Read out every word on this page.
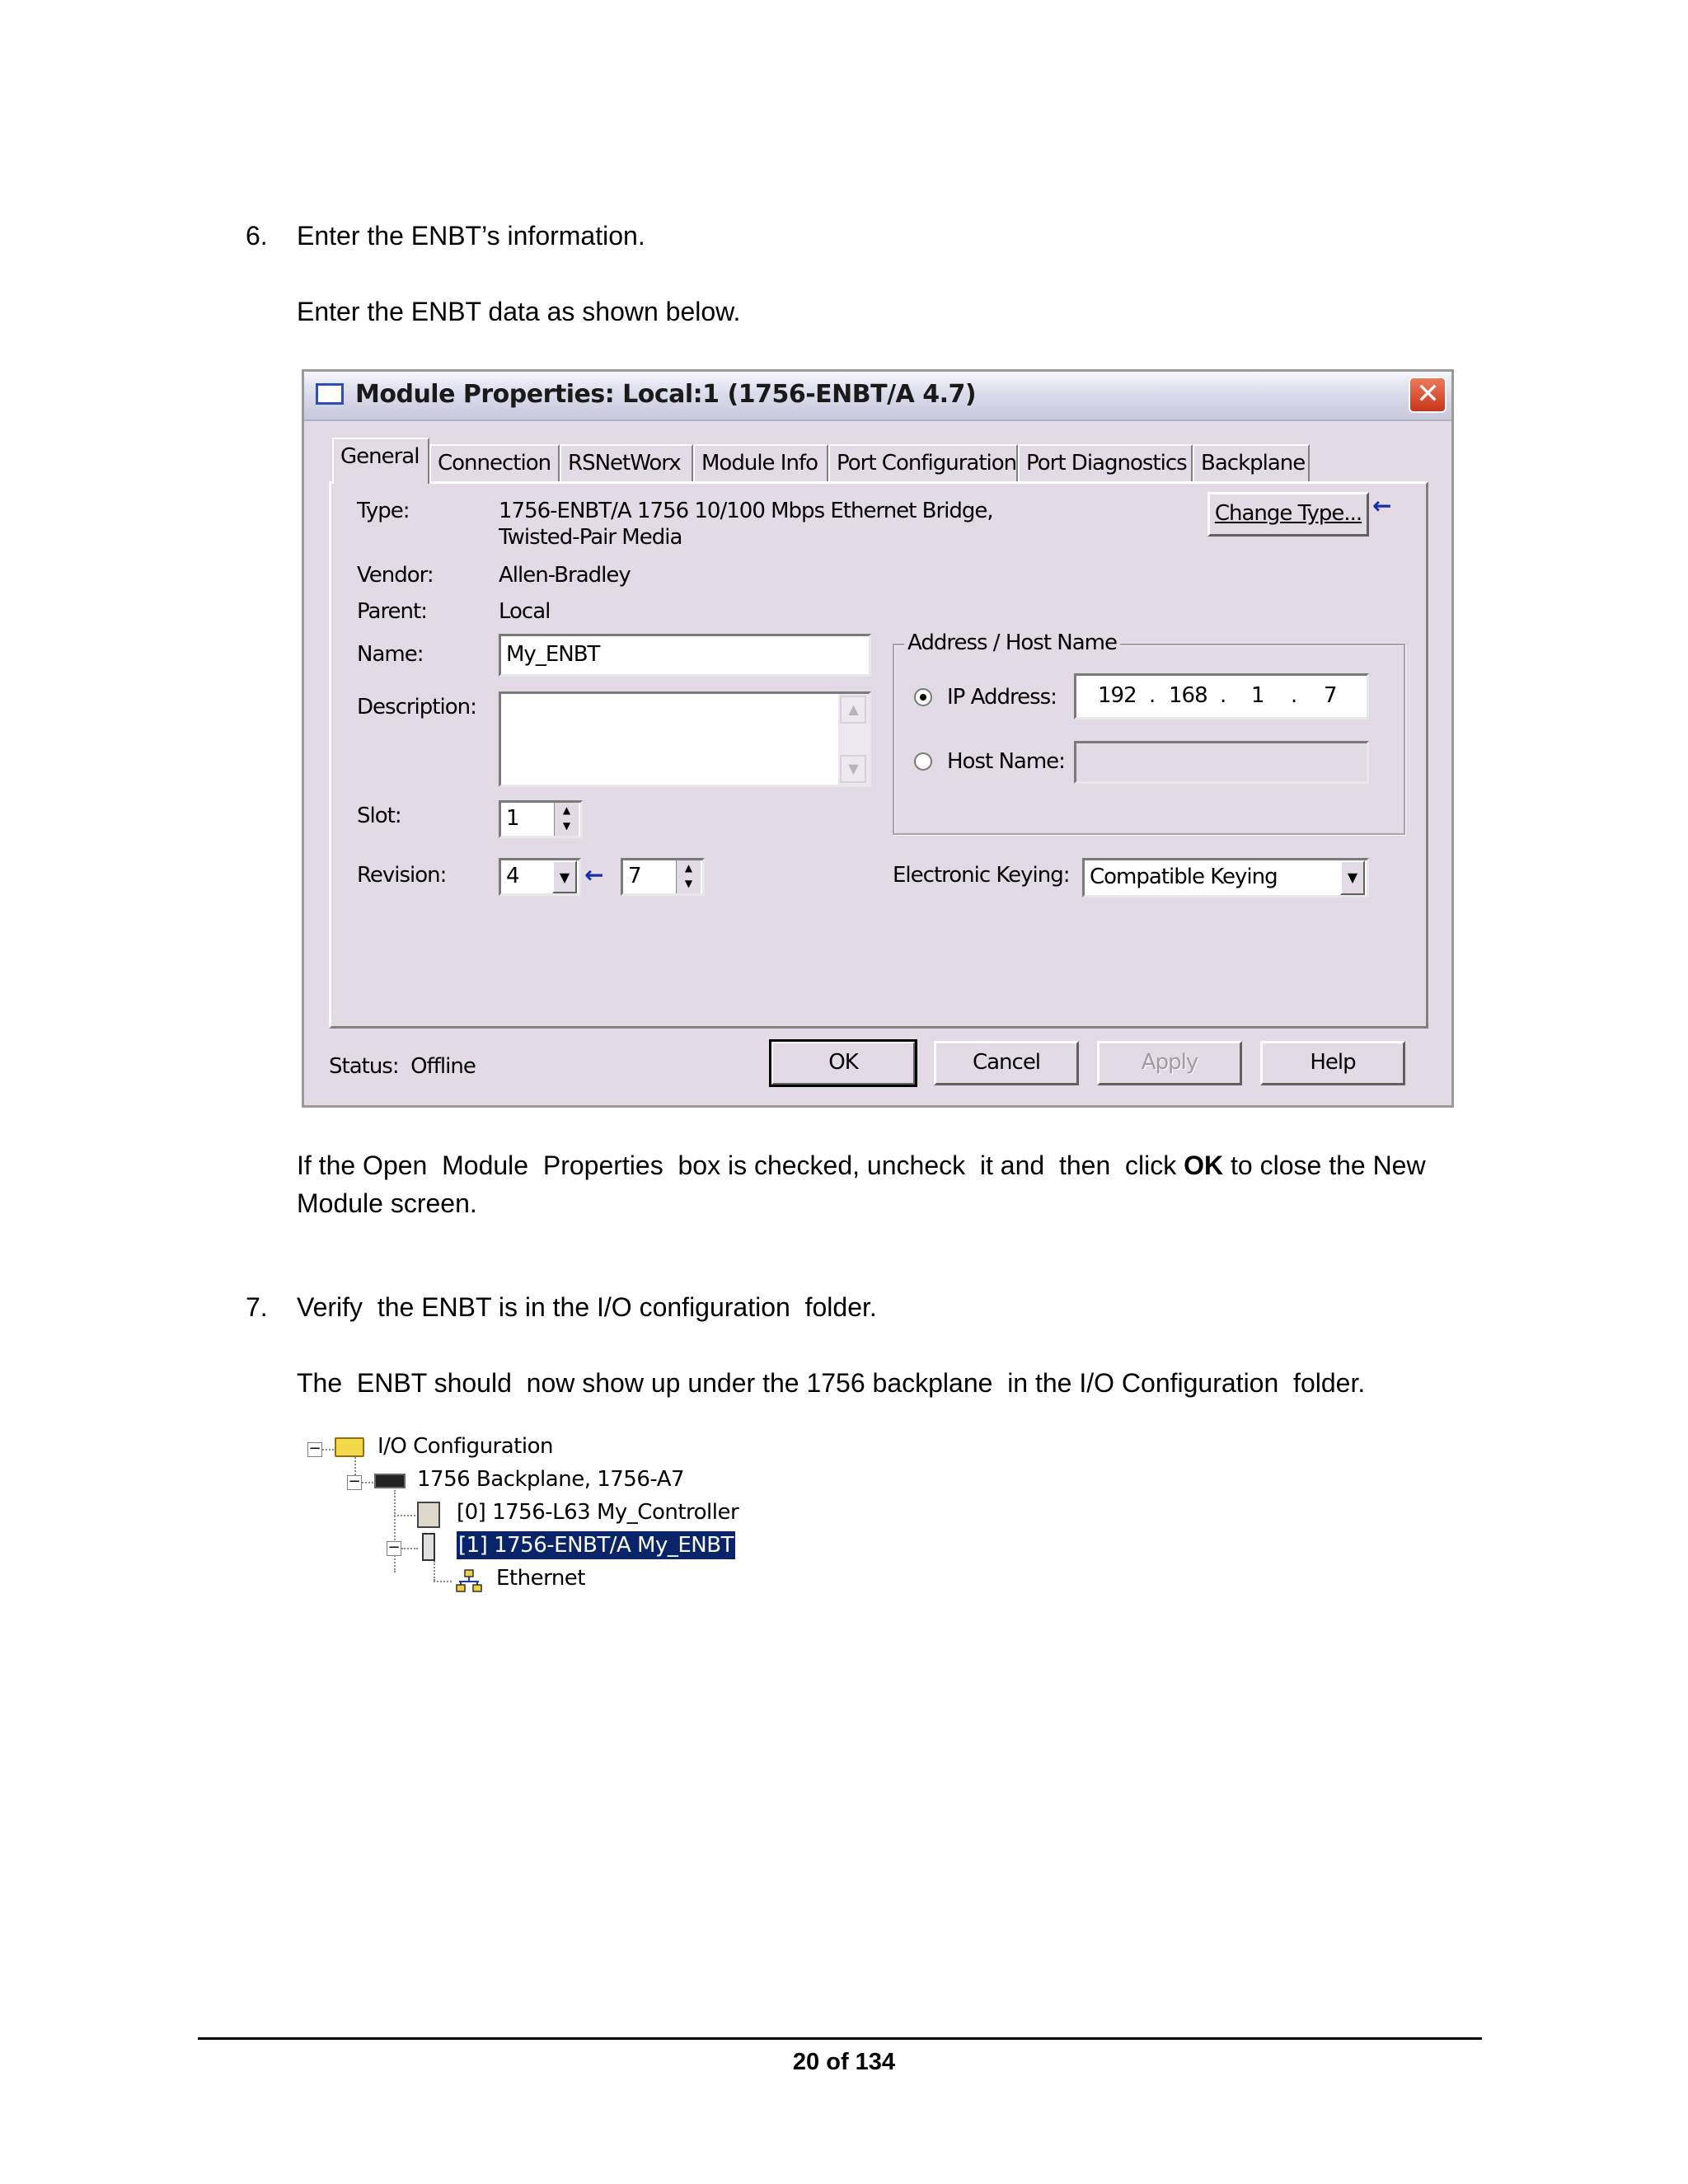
6. Enter the ENBT’s information.
Enter the ENBT data as shown below.
Module Properties: Local:1 (1756-ENBT/A 4.7)	✕
General Connection RSNetWorx Module Info Port Configuration Port Diagnostics Backplane
Type:	1756-ENBT/A 1756 10/100 Mbps Ethernet Bridge,
Twisted-Pair Media
Change Type... ←
Vendor:	Allen-Bradley
Parent:	Local
Name:	My_ENBT
Description:	▲
▼
Slot:	1	▲
▼
Revision:	4	▼ ←	7	▲
▼
Address / Host Name
IP Address: 192 . 168 . 1 . 7
Host Name:
Electronic Keying: Compatible Keying	▼
Status: Offline	OK	Cancel	Apply	Help
If the Open  Module  Properties  box is checked, uncheck  it and  then  click OK to close the New
Module screen.
7. Verify  the ENBT is in the I/O configuration  folder.
The  ENBT should  now show up under the 1756 backplane  in the I/O Configuration  folder.
−	I/O Configuration
−	1756 Backplane, 1756-A7
[0] 1756-L63 My_Controller
−	[1] 1756-ENBT/A My_ENBT
Ethernet
20 of 134
